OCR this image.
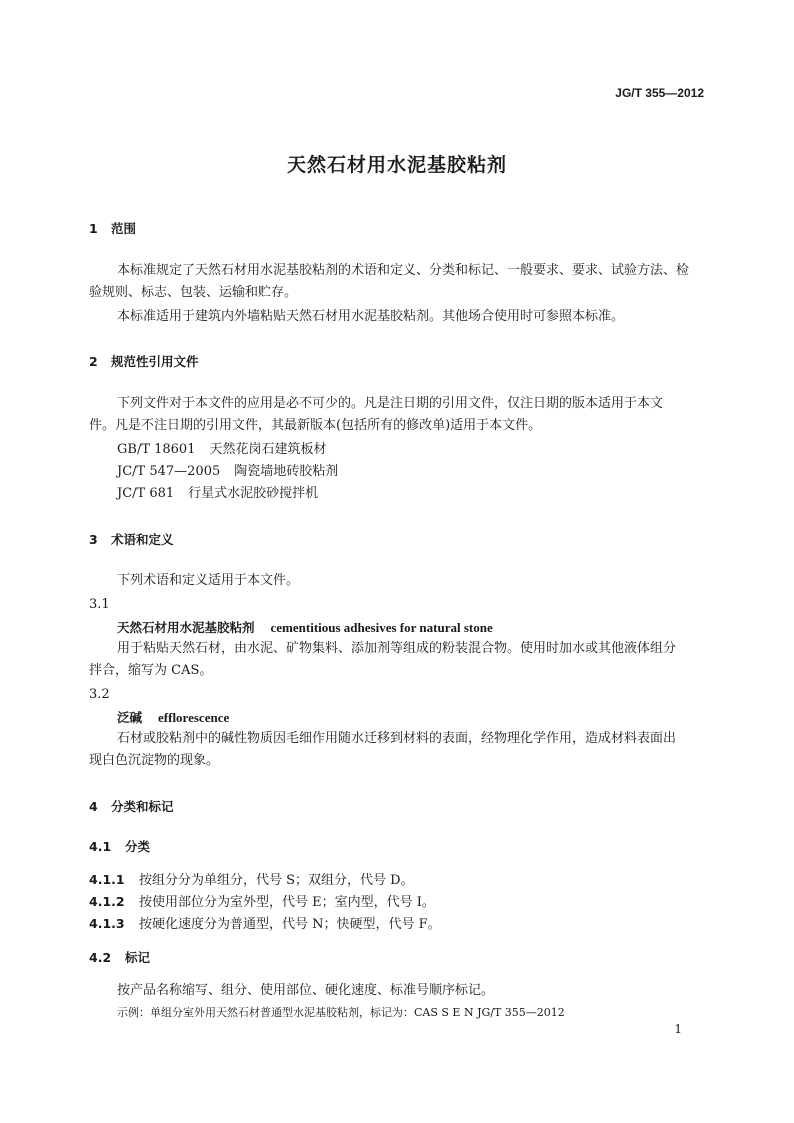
JG/T 355—2012
天然石材用水泥基胶粘剂
1 范围
本标准规定了天然石材用水泥基胶粘剂的术语和定义、分类和标记、一般要求、要求、试验方法、检
验规则、标志、包装、运输和贮存。
本标准适用于建筑内外墙粘贴天然石材用水泥基胶粘剂。其他场合使用时可参照本标准。
2 规范性引用文件
下列文件对于本文件的应用是必不可少的。凡是注日期的引用文件，仅注日期的版本适用于本文
件。凡是不注日期的引用文件，其最新版本(包括所有的修改单)适用于本文件。
GB/T 18601 天然花岗石建筑板材
JC/T 547—2005 陶瓷墙地砖胶粘剂
JC/T 681 行星式水泥胶砂搅拌机
3 术语和定义
下列术语和定义适用于本文件。
3.1
天然石材用水泥基胶粘剂 cementitious adhesives for natural stone
用于粘贴天然石材，由水泥、矿物集料、添加剂等组成的粉装混合物。使用时加水或其他液体组分
拌合，缩写为 CAS。
3.2
泛碱 efflorescence
石材或胶粘剂中的碱性物质因毛细作用随水迁移到材料的表面，经物理化学作用，造成材料表面出
现白色沉淀物的现象。
4 分类和标记
4.1 分类
4.1.1 按组分分为单组分，代号 S；双组分，代号 D。
4.1.2 按使用部位分为室外型，代号 E；室内型，代号 I。
4.1.3 按硬化速度分为普通型，代号 N；快硬型，代号 F。
4.2 标记
按产品名称缩写、组分、使用部位、硬化速度、标准号顺序标记。
示例：单组分室外用天然石材普通型水泥基胶粘剂，标记为：CAS S E N JG/T 355—2012
1
